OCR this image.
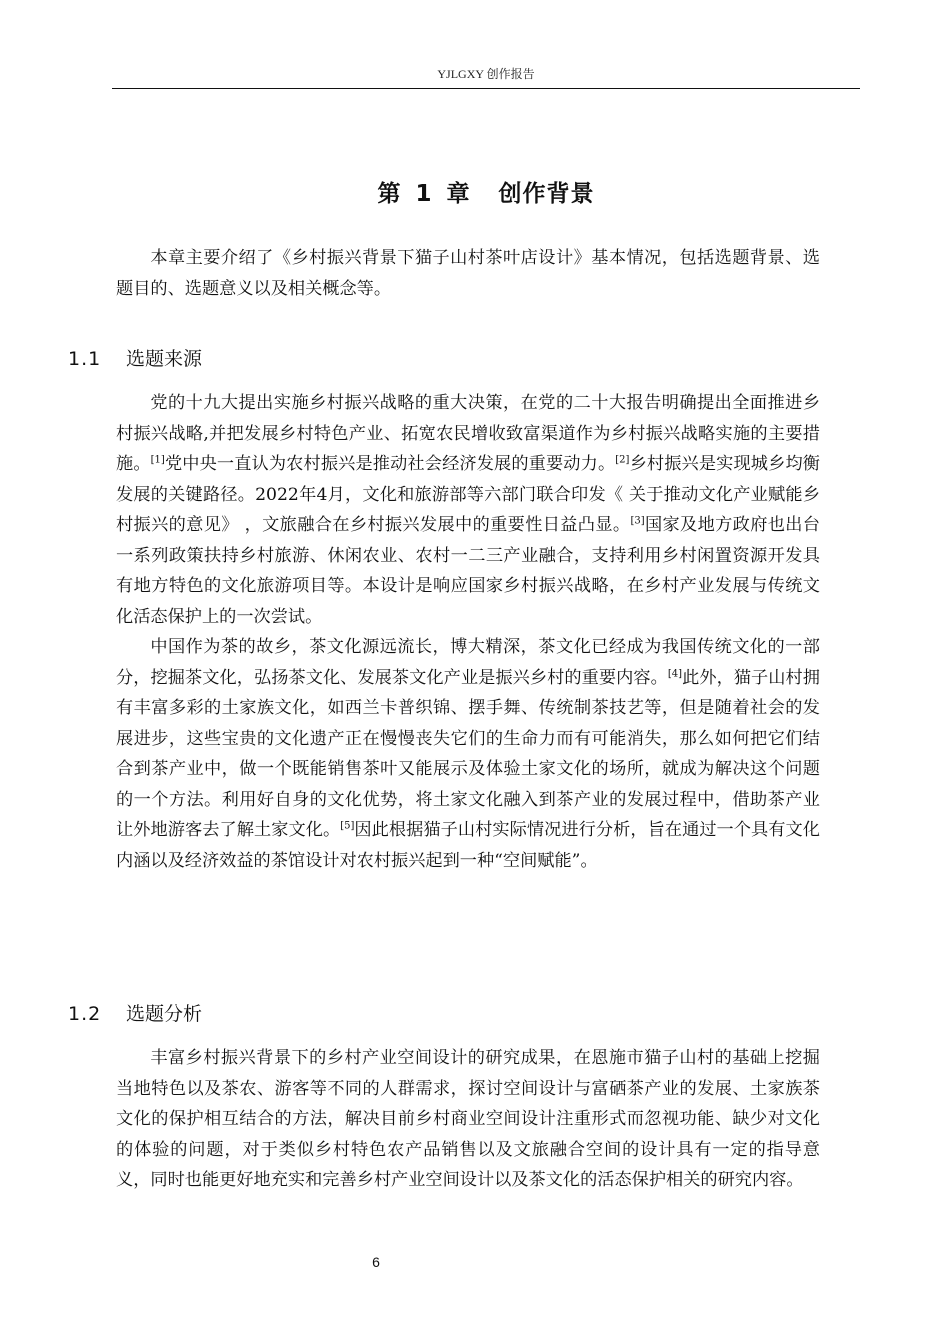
YJLGXY 创作报告
第 1 章 创作背景

本章主要介绍了《乡村振兴背景下猫子山村茶叶店设计》基本情况，包括选题背景、选题目的、选题意义以及相关概念等。

1.1 选题来源

党的十九大提出实施乡村振兴战略的重大决策，在党的二十大报告明确提出全面推进乡村振兴战略,并把发展乡村特色产业、拓宽农民增收致富渠道作为乡村振兴战略实施的主要措施。[1]党中央一直认为农村振兴是推动社会经济发展的重要动力。[2]乡村振兴是实现城乡均衡发展的关键路径。2022年4月，文化和旅游部等六部门联合印发《 关于推动文化产业赋能乡村振兴的意见》 ，文旅融合在乡村振兴发展中的重要性日益凸显。[3]国家及地方政府也出台一系列政策扶持乡村旅游、休闲农业、农村一二三产业融合，支持利用乡村闲置资源开发具有地方特色的文化旅游项目等。本设计是响应国家乡村振兴战略，在乡村产业发展与传统文化活态保护上的一次尝试。

中国作为茶的故乡，茶文化源远流长，博大精深，茶文化已经成为我国传统文化的一部分，挖掘茶文化，弘扬茶文化、发展茶文化产业是振兴乡村的重要内容。[4]此外，猫子山村拥有丰富多彩的土家族文化，如西兰卡普织锦、摆手舞、传统制茶技艺等，但是随着社会的发展进步，这些宝贵的文化遗产正在慢慢丧失它们的生命力而有可能消失，那么如何把它们结合到茶产业中，做一个既能销售茶叶又能展示及体验土家文化的场所，就成为解决这个问题的一个方法。利用好自身的文化优势，将土家文化融入到茶产业的发展过程中，借助茶产业让外地游客去了解土家文化。[5]因此根据猫子山村实际情况进行分析，旨在通过一个具有文化内涵以及经济效益的茶馆设计对农村振兴起到一种“空间赋能”。

1.2 选题分析

丰富乡村振兴背景下的乡村产业空间设计的研究成果，在恩施市猫子山村的基础上挖掘当地特色以及茶农、游客等不同的人群需求，探讨空间设计与富硒茶产业的发展、土家族茶文化的保护相互结合的方法，解决目前乡村商业空间设计注重形式而忽视功能、缺少对文化的体验的问题，对于类似乡村特色农产品销售以及文旅融合空间的设计具有一定的指导意义，同时也能更好地充实和完善乡村产业空间设计以及茶文化的活态保护相关的研究内容。

6
